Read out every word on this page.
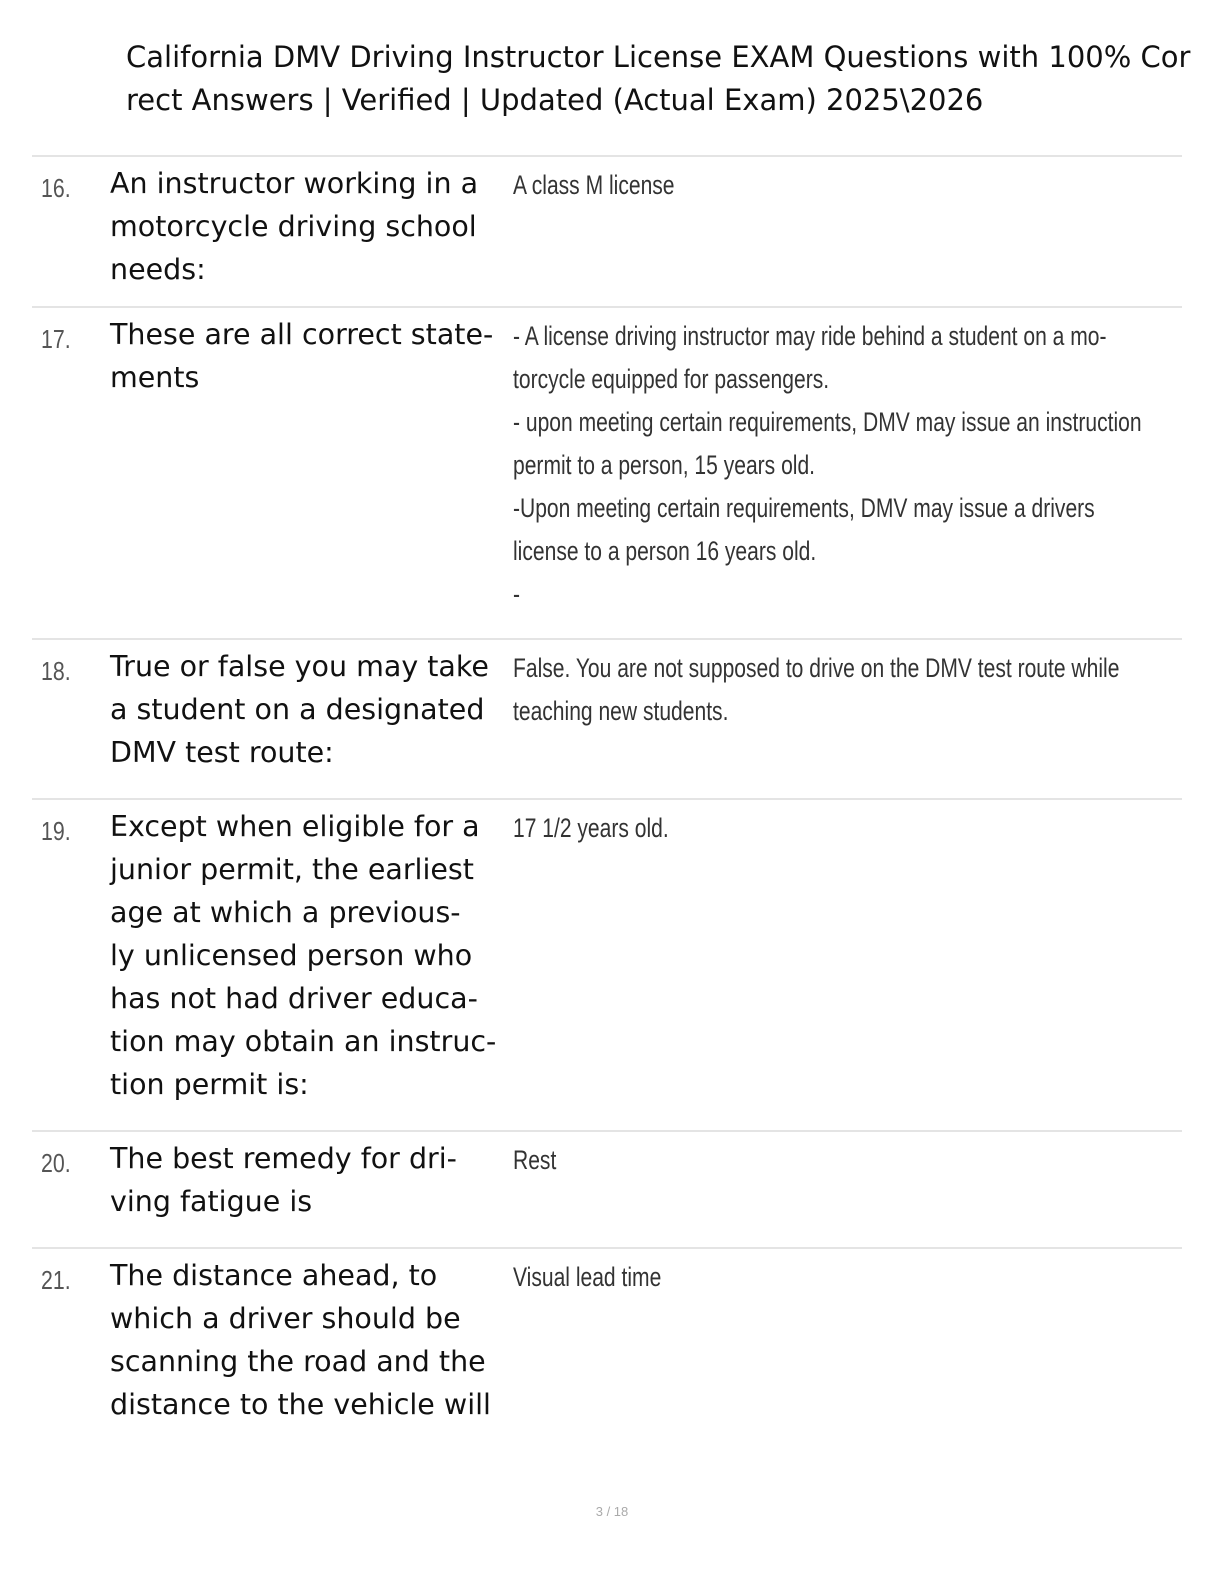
California DMV Driving Instructor License EXAM Questions with 100% Cor
rect Answers | Verified | Updated (Actual Exam) 2025\2026
16. An instructor working in a
motorcycle driving school
needs:
A class M license
17. These are all correct state-
ments
- A license driving instructor may ride behind a student on a mo-
torcycle equipped for passengers.
- upon meeting certain requirements, DMV may issue an instruction
permit to a person, 15 years old.
-Upon meeting certain requirements, DMV may issue a drivers
license to a person 16 years old.
-
18. True or false you may take
a student on a designated
DMV test route:
False. You are not supposed to drive on the DMV test route while
teaching new students.
19. Except when eligible for a
junior permit, the earliest
age at which a previous-
ly unlicensed person who
has not had driver educa-
tion may obtain an instruc-
tion permit is:
17 1/2 years old.
20. The best remedy for dri-
ving fatigue is
Rest
21. The distance ahead, to
which a driver should be
scanning the road and the
distance to the vehicle will
Visual lead time
3 / 18
